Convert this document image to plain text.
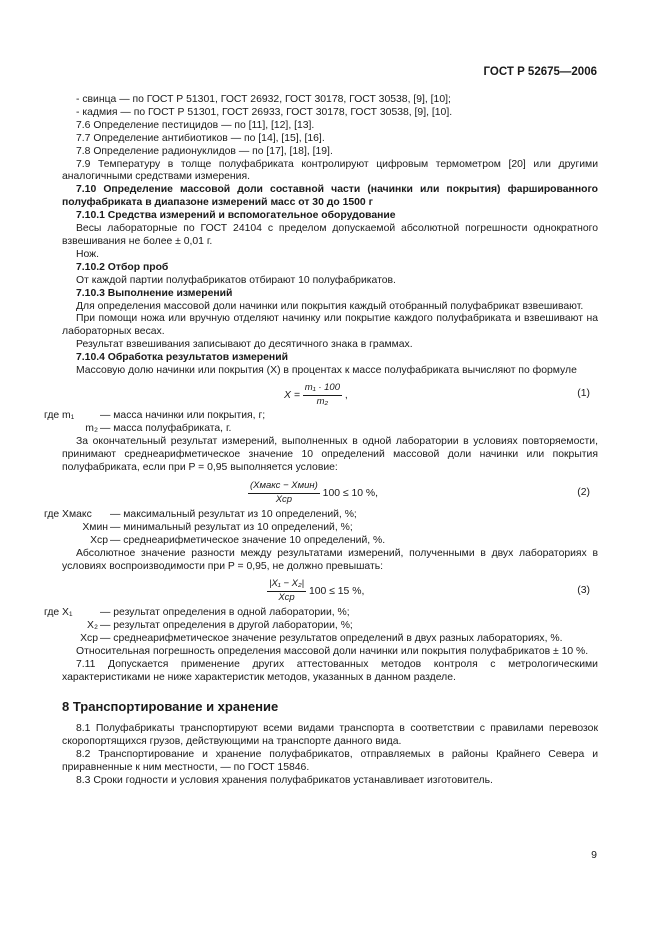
ГОСТ Р 52675—2006

- свинца — по ГОСТ Р 51301, ГОСТ 26932, ГОСТ 30178, ГОСТ 30538, [9], [10];

- кадмия — по ГОСТ Р 51301, ГОСТ 26933, ГОСТ 30178, ГОСТ 30538, [9], [10].

7.6 Определение пестицидов — по [11], [12], [13].

7.7 Определение антибиотиков — по [14], [15], [16].

7.8 Определение радионуклидов — по [17], [18], [19].

7.9 Температуру в толще полуфабриката контролируют цифровым термометром [20] или другими аналогичными средствами измерения.

7.10 Определение массовой доли составной части (начинки или покрытия) фаршированного полуфабриката в диапазоне измерений масс от 30 до 1500 г

7.10.1 Средства измерений и вспомогательное оборудование

Весы лабораторные по ГОСТ 24104 с пределом допускаемой абсолютной погрешности однократного взвешивания не более ± 0,01 г.

Нож.

7.10.2 Отбор проб

От каждой партии полуфабрикатов отбирают 10 полуфабрикатов.

7.10.3 Выполнение измерений

Для определения массовой доли начинки или покрытия каждый отобранный полуфабрикат взвешивают.

При помощи ножа или вручную отделяют начинку или покрытие каждого полуфабриката и взвешивают на лабораторных весах.

Результат взвешивания записывают до десятичного знака в граммах.

7.10.4 Обработка результатов измерений

Массовую долю начинки или покрытия (X) в процентах к массе полуфабриката вычисляют по формуле

$X = \frac{\text{m₁ · 100}}{\text{m₂}}$ ,	(1)
где m₁	— масса начинки или покрытия, г;
m₂ — масса полуфабриката, г.

За окончательный результат измерений, выполненных в одной лаборатории в условиях повторяемости, принимают среднеарифметическое значение 10 определений массовой доли начинки или покрытия полуфабриката, если при P = 0,95 выполняется условие:

$\frac{\text{(Xмакс − Xмин)}}{\text{Xср}} 100 \le 10$ %,	(2)
где Xмакс	— максимальный результат из 10 определений, %;
Xмин — минимальный результат из 10 определений, %;
Xср — среднеарифметическое значение 10 определений, %.

Абсолютное значение разности между результатами измерений, полученными в двух лабораториях в условиях воспроизводимости при P = 0,95, не должно превышать:

$\frac{\text{|X₁ − X₂|}}{\text{Xср}} 100 \le 15$ %,	(3)
где X₁	— результат определения в одной лаборатории, %;
X₂ — результат определения в другой лаборатории, %;
Xср — среднеарифметическое значение результатов определений в двух разных лабораториях, %.

Относительная погрешность определения массовой доли начинки или покрытия полуфабрикатов ± 10 %.

7.11 Допускается применение других аттестованных методов контроля с метрологическими характеристиками не ниже характеристик методов, указанных в данном разделе.

8 Транспортирование и хранение

8.1 Полуфабрикаты транспортируют всеми видами транспорта в соответствии с правилами перевозок скоропортящихся грузов, действующими на транспорте данного вида.

8.2 Транспортирование и хранение полуфабрикатов, отправляемых в районы Крайнего Севера и приравненные к ним местности, — по ГОСТ 15846.

8.3 Сроки годности и условия хранения полуфабрикатов устанавливает изготовитель.

9
